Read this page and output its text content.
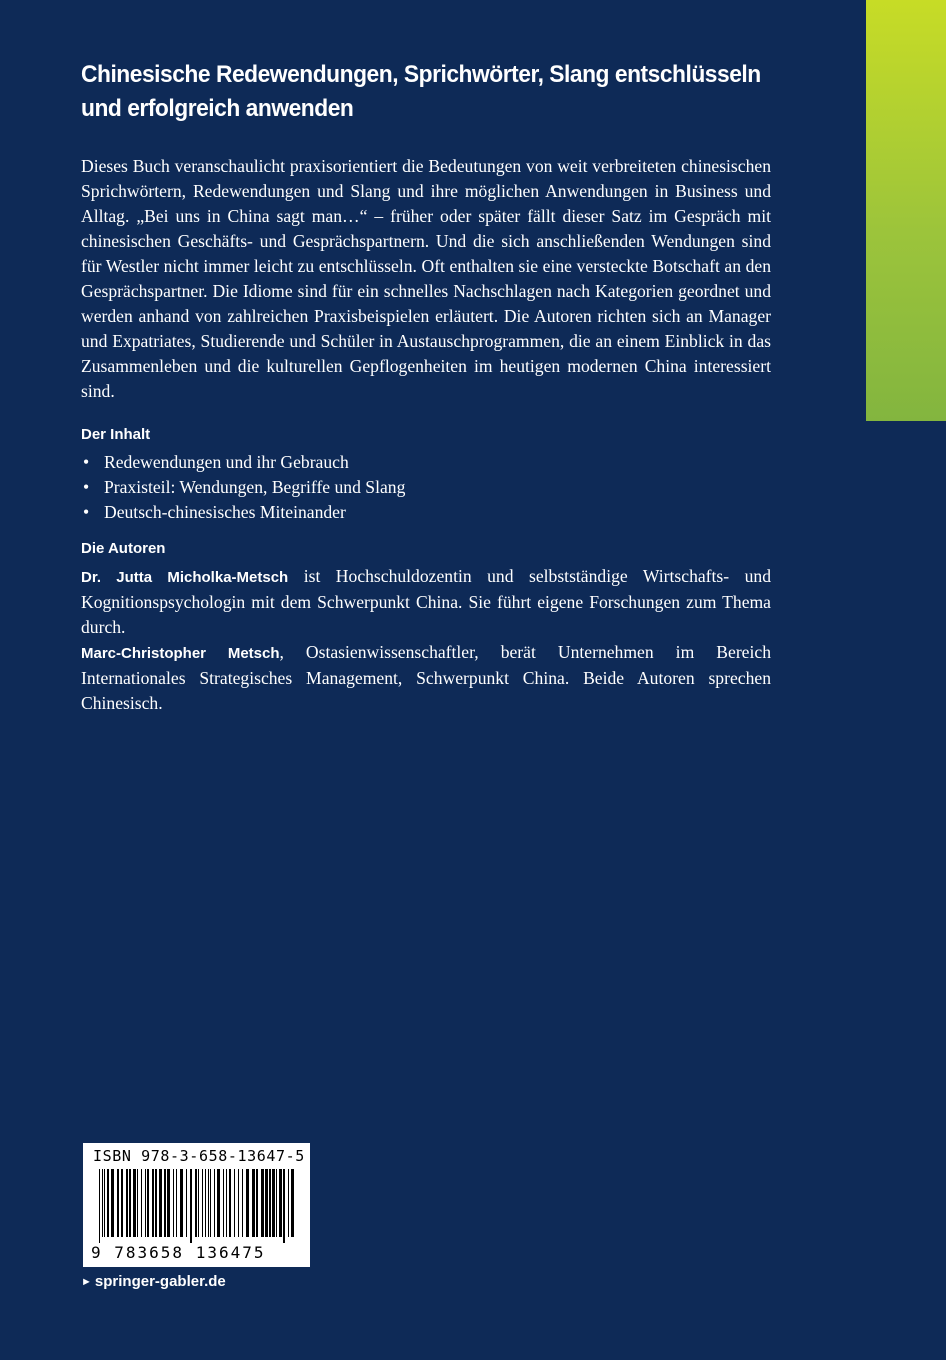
Chinesische Redewendungen, Sprichwörter, Slang entschlüsseln und erfolgreich anwenden

Dieses Buch veranschaulicht praxisorientiert die Bedeutungen von weit verbreiteten chinesischen Sprichwörtern, Redewendungen und Slang und ihre möglichen Anwendungen in Business und Alltag. „Bei uns in China sagt man…“ – früher oder später fällt dieser Satz im Gespräch mit chinesischen Geschäfts- und Gesprächspartnern. Und die sich anschließenden Wendungen sind für Westler nicht immer leicht zu entschlüsseln. Oft enthalten sie eine versteckte Botschaft an den Gesprächspartner. Die Idiome sind für ein schnelles Nachschlagen nach Kategorien geordnet und werden anhand von zahlreichen Praxisbeispielen erläutert. Die Autoren richten sich an Manager und Expatriates, Studierende und Schüler in Austauschprogrammen, die an einem Einblick in das Zusammenleben und die kulturellen Gepflogenheiten im heutigen modernen China interessiert sind.

Der Inhalt
• Redewendungen und ihr Gebrauch
• Praxisteil: Wendungen, Begriffe und Slang
• Deutsch-chinesisches Miteinander
Die Autoren

Dr. Jutta Micholka-Metsch ist Hochschuldozentin und selbstständige Wirtschafts- und Kognitionspsychologin mit dem Schwerpunkt China. Sie führt eigene Forschungen zum Thema durch.

Marc-Christopher Metsch, Ostasienwissenschaftler, berät Unternehmen im Bereich Internationales Strategisches Management, Schwerpunkt China. Beide Autoren sprechen Chinesisch.

ISBN 978-3-658-13647-5
9 783658 136475
► springer-gabler.de
